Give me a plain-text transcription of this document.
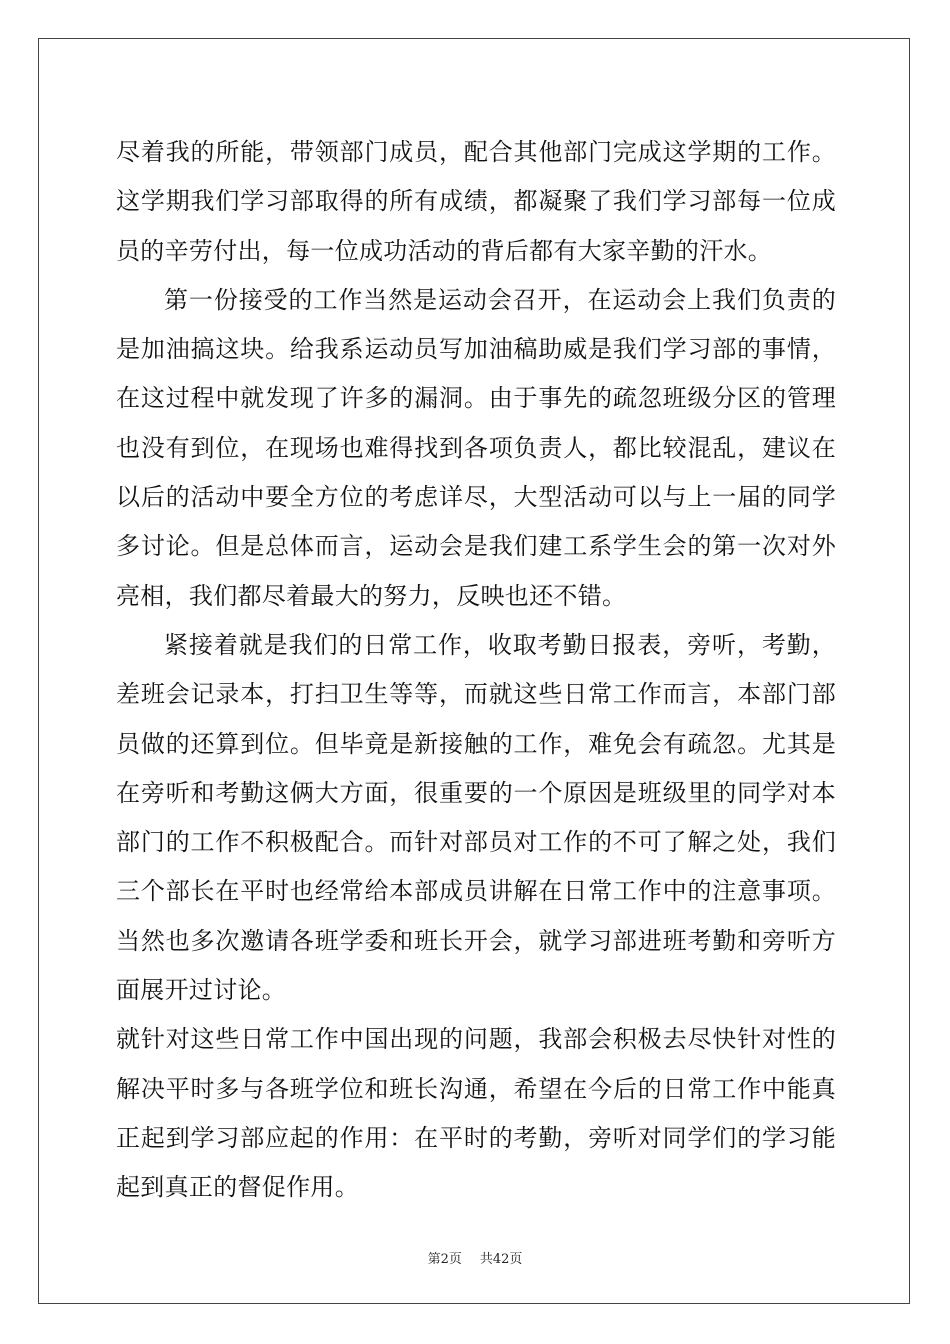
尽着我的所能，带领部门成员，配合其他部门完成这学期的工作。这学期我们学习部取得的所有成绩，都凝聚了我们学习部每一位成员的辛劳付出，每一位成功活动的背后都有大家辛勤的汗水。

第一份接受的工作当然是运动会召开，在运动会上我们负责的是加油搞这块。给我系运动员写加油稿助威是我们学习部的事情，在这过程中就发现了许多的漏洞。由于事先的疏忽班级分区的管理也没有到位，在现场也难得找到各项负责人，都比较混乱，建议在以后的活动中要全方位的考虑详尽，大型活动可以与上一届的同学多讨论。但是总体而言，运动会是我们建工系学生会的第一次对外亮相，我们都尽着最大的努力，反映也还不错。

紧接着就是我们的日常工作，收取考勤日报表，旁听，考勤，差班会记录本，打扫卫生等等，而就这些日常工作而言，本部门部员做的还算到位。但毕竟是新接触的工作，难免会有疏忽。尤其是在旁听和考勤这俩大方面，很重要的一个原因是班级里的同学对本部门的工作不积极配合。而针对部员对工作的不可了解之处，我们三个部长在平时也经常给本部成员讲解在日常工作中的注意事项。当然也多次邀请各班学委和班长开会，就学习部进班考勤和旁听方面展开过讨论。

就针对这些日常工作中国出现的问题，我部会积极去尽快针对性的解决平时多与各班学位和班长沟通，希望在今后的日常工作中能真正起到学习部应起的作用：在平时的考勤，旁听对同学们的学习能起到真正的督促作用。

第2页 共42页
